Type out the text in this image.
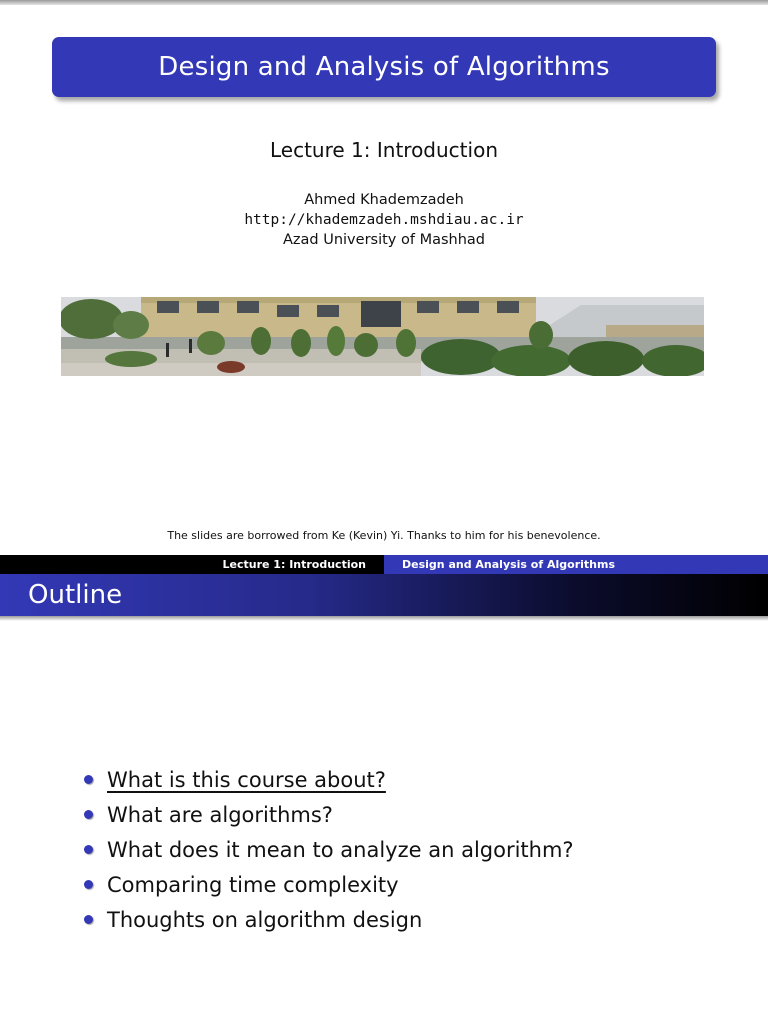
Design and Analysis of Algorithms
Lecture 1: Introduction
Ahmed Khademzadeh
http://khademzadeh.mshdiau.ac.ir
Azad University of Mashhad
The slides are borrowed from Ke (Kevin) Yi. Thanks to him for his benevolence.
Lecture 1: Introduction	Design and Analysis of Algorithms
Outline
What is this course about?
What are algorithms?
What does it mean to analyze an algorithm?
Comparing time complexity
Thoughts on algorithm design
